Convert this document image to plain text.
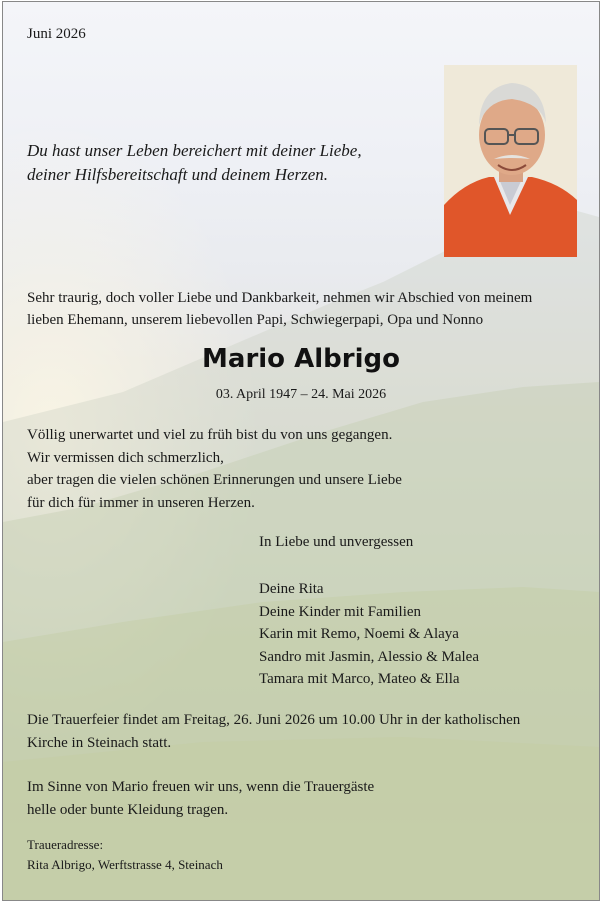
Juni 2026
Du hast unser Leben bereichert mit deiner Liebe,
deiner Hilfsbereitschaft und deinem Herzen.
Sehr traurig, doch voller Liebe und Dankbarkeit, nehmen wir Abschied von meinem
lieben Ehemann, unserem liebevollen Papi, Schwiegerpapi, Opa und Nonno
Mario Albrigo
03. April 1947 – 24. Mai 2026
Völlig unerwartet und viel zu früh bist du von uns gegangen.
Wir vermissen dich schmerzlich,
aber tragen die vielen schönen Erinnerungen und unsere Liebe
für dich für immer in unseren Herzen.
In Liebe und unvergessen
Deine Rita
Deine Kinder mit Familien
Karin mit Remo, Noemi & Alaya
Sandro mit Jasmin, Alessio & Malea
Tamara mit Marco, Mateo & Ella
Die Trauerfeier findet am Freitag, 26. Juni 2026 um 10.00 Uhr in der katholischen
Kirche in Steinach statt.
Im Sinne von Mario freuen wir uns, wenn die Trauergäste
helle oder bunte Kleidung tragen.
Traueradresse:
Rita Albrigo, Werftstrasse 4, Steinach
